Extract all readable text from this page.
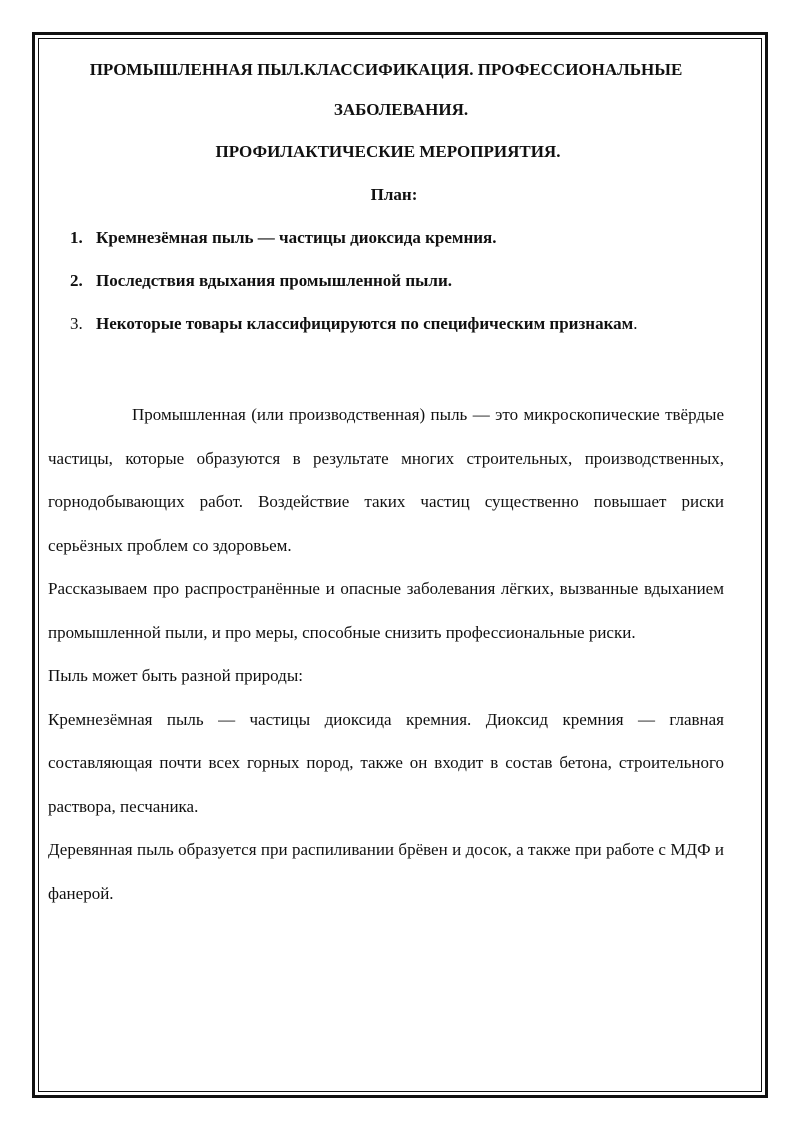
ПРОМЫШЛЕННАЯ ПЫЛ.КЛАССИФИКАЦИЯ. ПРОФЕССИОНАЛЬНЫЕ
ЗАБОЛЕВАНИЯ.
ПРОФИЛАКТИЧЕСКИЕ МЕРОПРИЯТИЯ.
План:
1. Кремнезёмная пыль — частицы диоксида кремния.
2. Последствия вдыхания промышленной пыли.
3. Некоторые товары классифицируются по специфическим признакам.

Промышленная (или производственная) пыль — это микроскопические твёрдые частицы, которые образуются в результате многих строительных, производственных, горнодобывающих работ. Воздействие таких частиц существенно повышает риски серьёзных проблем со здоровьем.

Рассказываем про распространённые и опасные заболевания лёгких, вызванные вдыханием промышленной пыли, и про меры, способные снизить профессиональные риски.

Пыль может быть разной природы:

Кремнезёмная пыль — частицы диоксида кремния. Диоксид кремния — главная составляющая почти всех горных пород, также он входит в состав бетона, строительного раствора, песчаника.

Деревянная пыль образуется при распиливании брёвен и досок, а также при работе с МДФ и фанерой.
